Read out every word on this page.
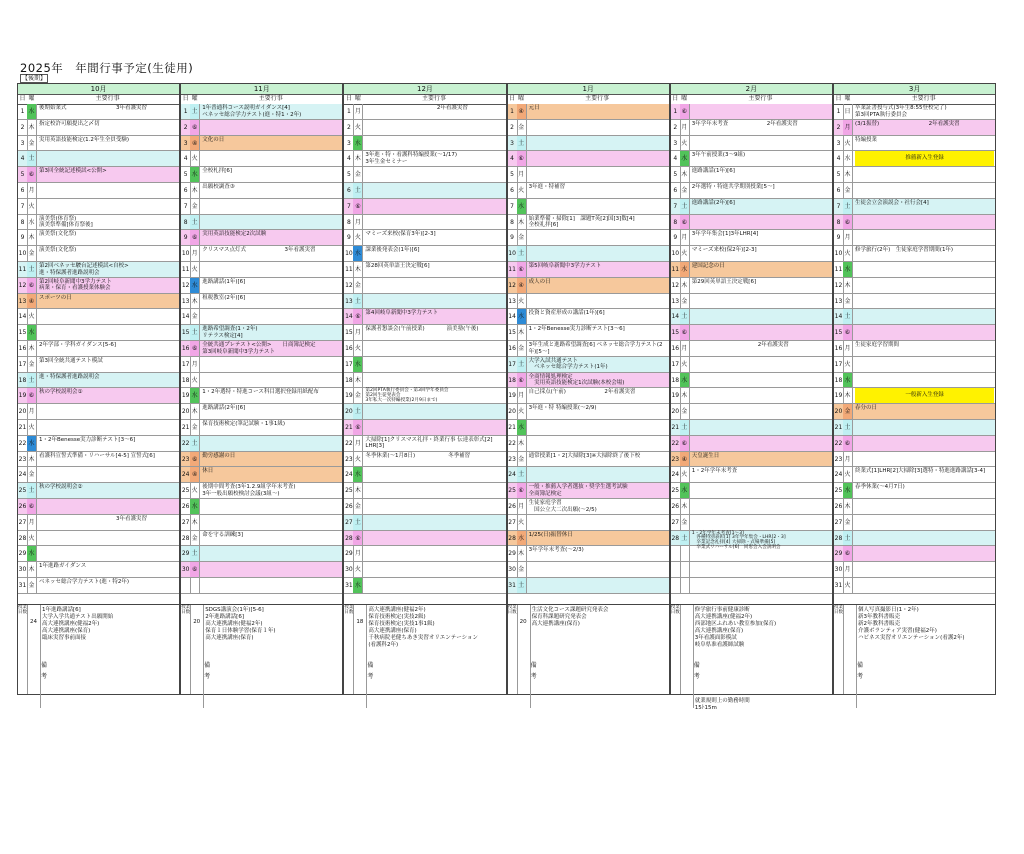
2025年　年間行事予定(生徒用)
【後期】
10月
日 曜	主要行事
1 水 後期始業式　　　　　　　　　3年看護実習
2 木 指定校許可願提出之〆切
3 金 実用英語技能検定(1.2年生全員受験)
4 土
5 ⑥ 第3回全統記述模試<公開>
6 月
7 火
8 水 演美祭(体育祭)
演美祭準備[体育祭後]
9 木 演美祭(文化祭)
10 金 演美祭(文化祭)
11 土 第2回ベネッセ駿台記述模試<自校>
進・特保護者進路説明会
12 ⑥ 第2回岐阜新聞中3学力テスト
病業・保育・看護授業体験会
13 ④ スポーツの日
14 火
15 水
16 木 2年学部・学科ガイダンス[5-6]
17 金 第3回全統共通テスト模試
18 土 進・特保護者進路説明会
19 ⑥ 秋の学校説明会①
20 月
21 火
22 水 1・2年Benesse実力診断テスト[3〜6]
23 木 看護科宣誓式準備・リハーサル[4-5] 宣誓式[6]
24 金
25 土 秋の学校説明会②
26 ⑥
27 月 　　　　　　　　　　　　　　3年看護実習
28 火
29 水
30 木 1年進路ガイダンス
31 金 ベネッセ総合学力テスト(進・特2年)
授業日数
24
備考
1年進路講話[6]
大学入学共通テスト出願開始
高大連携講座(健福2年)
高大連携講座(保育)
臨床実習事前面接
11月
日 曜	主要行事
1 土 1年普通科コース説明ガイダンス[4]
ベネッセ総合学力テスト(進・特1・2年)
2 ⑥
3 ④ 文化の日
4 火
5 水 全校札拝[6]
6 木 出願校調査③
7 金
8 土
9 ⑥ 実用英語技能検定2次試験
10 月 クリスマス点灯式　　　　　　　3年看護実習
11 火
12 水 進路講話(1年)[6]
13 木 租税教室(2年)[6]
14 金
15 土 進路希望調査(1・2年)
リテラス検定[4]
16 ⑥ 全統共通プレテスト<公開>　　日商簿記検定
第3回岐阜新聞中3学力テスト
17 月
18 火
19 水 1・2年選特・特進コース科目選択登録用紙配布
20 木 進路講話(2年)[6]
21 金 保育技術検定(筆記試験・1事1級)
22 土
23 ⑥ 勤労感謝の日
24 ④ 休日
25 火 後期中間考査(3年1.2.9組学年末考査)
3年一般出願校検討会議(3組〜)
26 水
27 木
28 金 命を守る訓練[3]
29 土
30 ⑥
授業日数
20
備考
SDGS講演会(1年)[5-6]
2年進路講話[6]
高大連携講座(健福2年)
保育１日体験学習(保育１年)
高大連携講座(保育)
12月
日 曜	主要行事
1 月 　　　　　　　　　　　　　2年看護実習
2 火
3 水
4 木 3年進・特・看護科特編授業(〜1/17)
3年生金セミナー
5 金
6 土
7 ⑥
8 月
9 火 マミーズ来校(保育3年)[2-3]
10 水 課業後発表会(1年)[6]
11 木 第28回英単語王決定戦[6]
12 金
13 土
14 ⑥ 第4回岐阜新聞中3学力テスト
15 月 保護者懇談会(午前授業)　　　　演美塾(午後)
16 火
17 水
18 木
19 金
第2回PTA執行委員会・第3回学年委員会
第2回生徒発表会
3年私大一次特編授業(2月9日まで)
20 土
21 ⑥
22 月 大掃除[1]クリスマス礼拝・終業行事 伝達表彰式[2]
LHR[3]
23 火 冬季休業(〜1月8日)　　　　　　冬季補習
24 水
25 木
26 金
27 土
28 ⑥
29 月
30 火
31 水
授業日数
18
備考
高大連携講座(健福2年)
保育技術検定(実技2級)
保育技術検定(実技1事1級)
高大連携講座(保育)
千秋病院老健ちあき実習オリエンテーション
(看護科2年)
1月
日 曜	主要行事
1 ④ 元日
2 金
3 土
4 ⑥
5 月
6 火 3年進・特補習
7 水
8 木 始業準備・掃除[1]　課題T英[2]国[3]数[4]
全校礼拝[6]
9 金
10 土
11 ⑥ 第5回岐阜新聞中3学力テスト
12 ④ 成人の日
13 火
14 水 投資と資産形成の講話(1年)[6]
15 木 1・2年Benesse実力診断テスト[3〜6]
16 金 3年生成と進路希望調査[6] ベネッセ総合学力テスト(2年)[5〜]
17 土 大学入試共通テスト
　ベネッセ総合学力テスト(1年)
18 ⑥ 全商情報処理検定
　実用英語技能検定1次試験(本校会場)
19 月 自己採点(午前)　　　　　　　2年看護実習
20 火 3年進・特 特編授業(〜2/9)
21 水
22 木
23 金 通常授業[1・2]大掃除[3]※大掃除終了後下校
24 土
25 ⑥ 一般・推薦入学者選抜・奨学生選考試験
全商簿記検定
26 月 生徒家庭学習
　国公立大二次出願(〜2/5)
27 火
28 水 1/25(日)振替休日
29 木 3年学年末考査(〜2/3)
30 金
31 土
授業日数
20
備考
生活文化コース課題研究発表会
保育科課題研究発表会
高大連携講座(保育)
2月
日 曜	主要行事
1 ⑥
2 月 3年学年末考査　　　　　　　2年看護実習
3 火
4 水 3年午前授業(3〜9組)
5 木 進路講話(1年)[6]
6 金 2年選特・特進共学期別授業[5〜]
7 土 進路講話(2年)[6]
8 ⑥
9 月 3年学年集会[1]3年LHR[4]
10 火 マミーズ来校(保2年)[2-3]
11 水 建国記念の日
12 木 第29回英単語王決定戦[6]
13 金
14 土
15 ⑥
16 月 　　　　　　　　　　　　2年看護実習
17 火
18 水
19 木
20 金
21 土
22 ⑥
23 ④ 天皇誕生日
24 火 1・2年学年末考査
25 水
26 木
27 金
28 土
1・2年学年末考査[1〜3]
　各種特別表彰[1] 3年学年集会・LHR[2・3]
　卒業記念礼拝[4] 大掃除・式場準備[5]
　卒業式リハーサル[6]　同窓会入会説明会
授業日数
備考
修学旅行事前健康診断
高大連携講座(健福2年)
西部地区ふれあい教室参加(保育)
高大連携講座(保育)
3年看護面影模試
岐阜県准看護師試験

就業規則上の勤務時間
15ﾄ15m
3月
日 曜	主要行事
1 日 卒業証書授与式(3年生8:55登校完了)
第3回PTA執行委員会
2 月 (3/1振替)　　　　　　　　　2年看護実習
3 火 特編授業
4 水	推薦新入生登録
5 木
6 金
7 土 生徒会立会演説会・社行会[4]
8 ⑥
9 月
10 火 修学旅行(2年)　生徒家庭学習期間(1年)
11 水
12 木
13 金
14 土
15 ⑥
16 月 生徒家庭学習期間
17 火
18 水
19 木	一般新入生登録
20 金 春分の日
21 土
22 ⑥
23 月
24 火 終業式[1]LHR[2]大掃除[3]選特・特進進路講話[3-4]
25 水 春季休業(〜4月7日)
26 木
27 金
28 土
29 ⑥
30 月
31 火
授業日数
備考
個人写真撮影日(1・2年)
新3年教科書販売
新2年教科書販売
介護ボランティア実習(健福2年)
ハビネス実習オリエンテーション(看護2年)
